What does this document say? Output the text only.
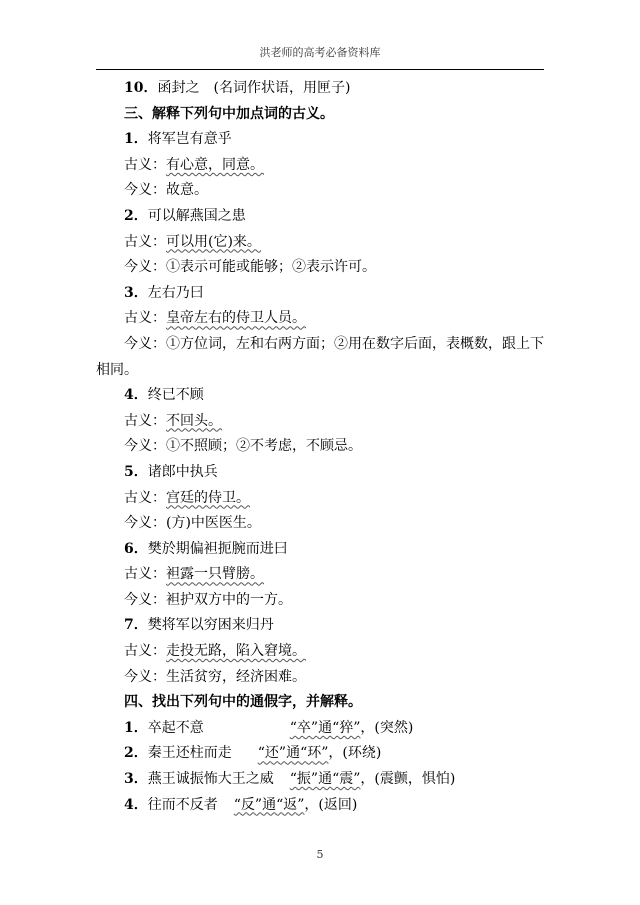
洪老师的高考必备资料库
10．函封之　(名词作状语，用匣子)
三、解释下列句中加点词的古义。
1．将军岂有意乎
古义：有心意，同意。
今义：故意。
2．可以解燕国之患
古义：可以用(它)来。
今义：①表示可能或能够；②表示许可。
3．左右乃曰
古义：皇帝左右的侍卫人员。
今义：①方位词，左和右两方面；②用在数字后面，表概数，跟上下相同。
4．终已不顾
古义：不回头。
今义：①不照顾；②不考虑，不顾忌。
5．诸郎中执兵
古义：宫廷的侍卫。
今义：(方)中医医生。
6．樊於期偏袒扼腕而进曰
古义：袒露一只臂膀。
今义：袒护双方中的一方。
7．樊将军以穷困来归丹
古义：走投无路，陷入窘境。
今义：生活贫穷，经济困难。
四、找出下列句中的通假字，并解释。
1．卒起不意	“卒”通“猝”，(突然)
2．秦王还柱而走 “还”通“环”，(环绕)
3．燕王诚振怖大王之威 “振”通“震”，(震颤，惧怕)
4．往而不反者 “反”通“返”，(返回)
5
